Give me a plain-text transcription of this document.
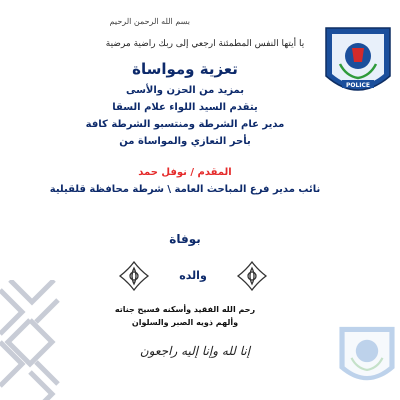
POLICE
بسم الله الرحمن الرحيم
يا أيتها النفس المطمئنة ارجعي إلى ربك راضية مرضية
تعزية ومواساة
بمزيد من الحزن والأسى
يتقدم السيد اللواء علام السقا
مدير عام الشرطة ومنتسبو الشرطة كافة
بأحر التعازي والمواساة من
المقدم / نوفل حمد
نائب مدير فرع المباحث العامة \ شرطة محافظة قلقيلية
بوفاة
والده
رحم الله الفقيد وأسكنه فسيح جناته
وألهم ذويه الصبر والسلوان
إنا لله وإنا إليه راجعون
